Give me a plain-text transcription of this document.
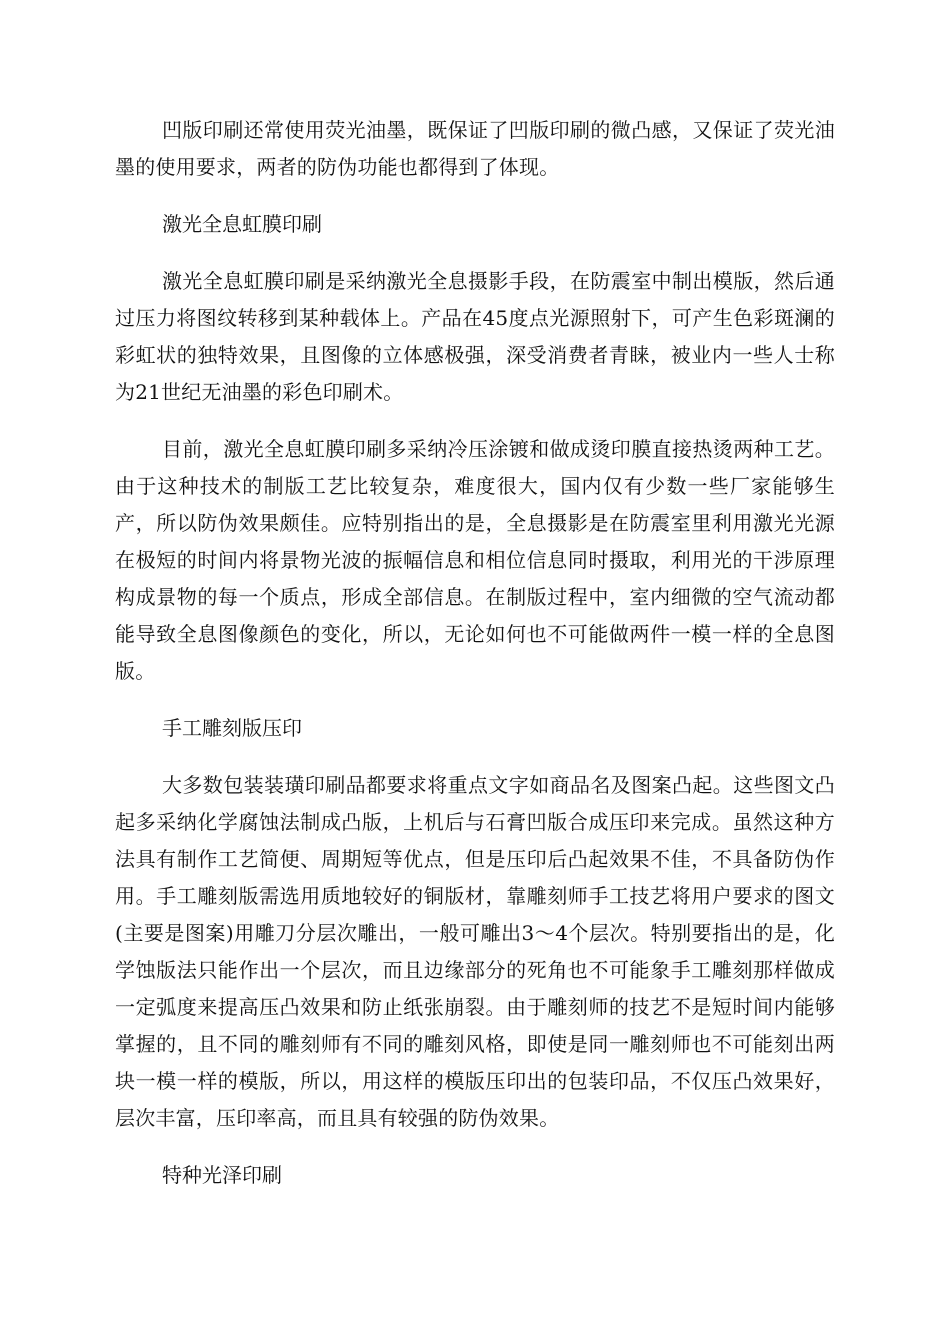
凹版印刷还常使用荧光油墨，既保证了凹版印刷的微凸感，又保证了荧光油墨的使用要求，两者的防伪功能也都得到了体现。

激光全息虹膜印刷

激光全息虹膜印刷是采纳激光全息摄影手段，在防震室中制出模版，然后通过压力将图纹转移到某种载体上。产品在45度点光源照射下，可产生色彩斑澜的彩虹状的独特效果，且图像的立体感极强，深受消费者青睐，被业内一些人士称为21世纪无油墨的彩色印刷术。

目前，激光全息虹膜印刷多采纳冷压涂镀和做成烫印膜直接热烫两种工艺。由于这种技术的制版工艺比较复杂，难度很大，国内仅有少数一些厂家能够生产，所以防伪效果颇佳。应特别指出的是，全息摄影是在防震室里利用激光光源在极短的时间内将景物光波的振幅信息和相位信息同时摄取，利用光的干涉原理构成景物的每一个质点，形成全部信息。在制版过程中，室内细微的空气流动都能导致全息图像颜色的变化，所以，无论如何也不可能做两件一模一样的全息图版。

手工雕刻版压印

大多数包装装璜印刷品都要求将重点文字如商品名及图案凸起。这些图文凸起多采纳化学腐蚀法制成凸版，上机后与石膏凹版合成压印来完成。虽然这种方法具有制作工艺简便、周期短等优点，但是压印后凸起效果不佳，不具备防伪作用。手工雕刻版需选用质地较好的铜版材，靠雕刻师手工技艺将用户要求的图文(主要是图案)用雕刀分层次雕出，一般可雕出3～4个层次。特别要指出的是，化学蚀版法只能作出一个层次，而且边缘部分的死角也不可能象手工雕刻那样做成一定弧度来提高压凸效果和防止纸张崩裂。由于雕刻师的技艺不是短时间内能够掌握的，且不同的雕刻师有不同的雕刻风格，即使是同一雕刻师也不可能刻出两块一模一样的模版，所以，用这样的模版压印出的包装印品，不仅压凸效果好，层次丰富，压印率高，而且具有较强的防伪效果。

特种光泽印刷
